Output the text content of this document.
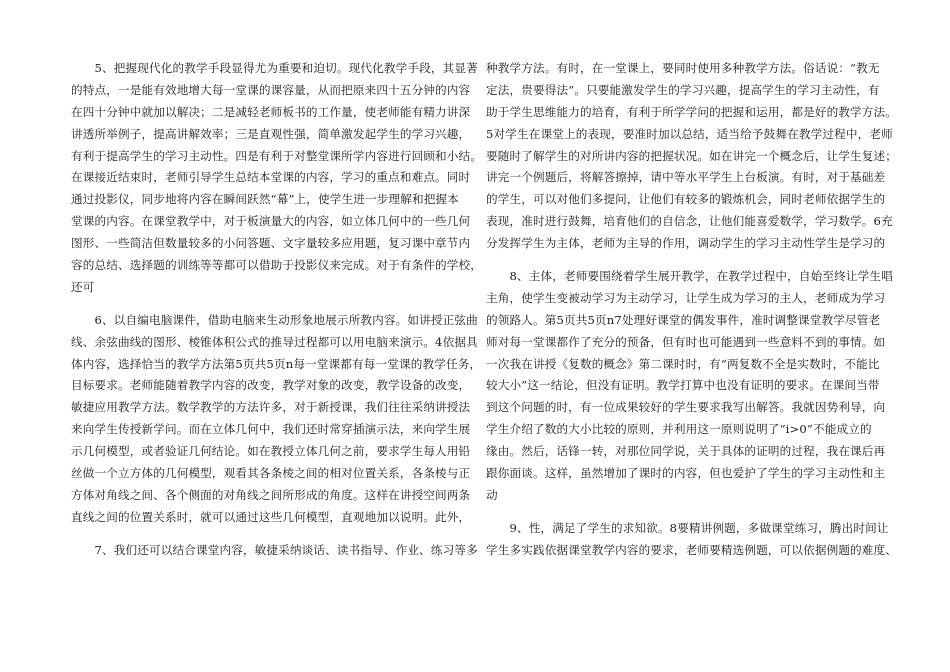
　　5、把握现代化的教学手段显得尤为重要和迫切。现代化教学手段，其显著
的特点，一是能有效地增大每一堂课的课容量，从而把原来四十五分钟的内容
在四十分钟中就加以解决；二是减轻老师板书的工作量，使老师能有精力讲深
讲透所举例子，提高讲解效率；三是直观性强，简单激发起学生的学习兴趣，
有利于提高学生的学习主动性。四是有利于对整堂课所学内容进行回顾和小结。
在课接近结束时，老师引导学生总结本堂课的内容，学习的重点和难点。同时
通过投影仪，同步地将内容在瞬间跃然“幕”上，使学生进一步理解和把握本
堂课的内容。在课堂教学中，对于板演量大的内容，如立体几何中的一些几何
图形、一些简洁但数量较多的小问答题、文字量较多应用题，复习课中章节内
容的总结、选择题的训练等等都可以借助于投影仪来完成。对于有条件的学校，
还可
　　6、以自编电脑课件，借助电脑来生动形象地展示所教内容。如讲授正弦曲
线、余弦曲线的图形、棱锥体积公式的推导过程都可以用电脑来演示。4依据具
体内容，选择恰当的教学方法第5页共5页n每一堂课都有每一堂课的教学任务，
目标要求。老师能随着教学内容的改变，教学对象的改变，教学设备的改变，
敏捷应用教学方法。数学教学的方法许多，对于新授课，我们往往采纳讲授法
来向学生传授新学问。而在立体几何中，我们还时常穿插演示法，来向学生展
示几何模型，或者验证几何结论。如在教授立体几何之前，要求学生每人用铅
丝做一个立方体的几何模型，观看其各条棱之间的相对位置关系，各条棱与正
方体对角线之间、各个侧面的对角线之间所形成的角度。这样在讲授空间两条
直线之间的位置关系时，就可以通过这些几何模型，直观地加以说明。此外，
　　7、我们还可以结合课堂内容，敏捷采纳谈话、读书指导、作业、练习等多
种教学方法。有时，在一堂课上，要同时使用多种教学方法。俗话说：“教无
定法，贵要得法”。只要能激发学生的学习兴趣，提高学生的学习主动性，有
助于学生思维能力的培育，有利于所学学问的把握和运用，都是好的教学方法。
5对学生在课堂上的表现，要准时加以总结，适当给予鼓舞在教学过程中，老师
要随时了解学生的对所讲内容的把握状况。如在讲完一个概念后，让学生复述；
讲完一个例题后，将解答擦掉，请中等水平学生上台板演。有时，对于基础差
的学生，可以对他们多提问，让他们有较多的锻炼机会，同时老师依据学生的
表现，准时进行鼓舞，培育他们的自信念，让他们能喜爱数学，学习数学。6充
分发挥学生为主体，老师为主导的作用，调动学生的学习主动性学生是学习的
　　8、主体，老师要围绕着学生展开教学，在教学过程中，自始至终让学生唱
主角，使学生变被动学习为主动学习，让学生成为学习的主人，老师成为学习
的领路人。第5页共5页n7处理好课堂的偶发事件，准时调整课堂教学尽管老
师对每一堂课都作了充分的预备，但有时也可能遇到一些意料不到的事情。如
一次我在讲授《复数的概念》第二课时时，有“两复数不全是实数时，不能比
较大小”这一结论，但没有证明。教学打算中也没有证明的要求。在课间当带
到这个问题的时，有一位成果较好的学生要求我写出解答。我就因势利导，向
学生介绍了数的大小比较的原则，并利用这一原则说明了“i>0”不能成立的
缘由。然后，话锋一转，对那位同学说，关于具体的证明的过程，我在课后再
跟你面谈。这样，虽然增加了课时的内容，但也爱护了学生的学习主动性和主
动
　　9、性，满足了学生的求知欲。8要精讲例题，多做课堂练习，腾出时间让
学生多实践依据课堂教学内容的要求，老师要精选例题，可以依据例题的难度、
